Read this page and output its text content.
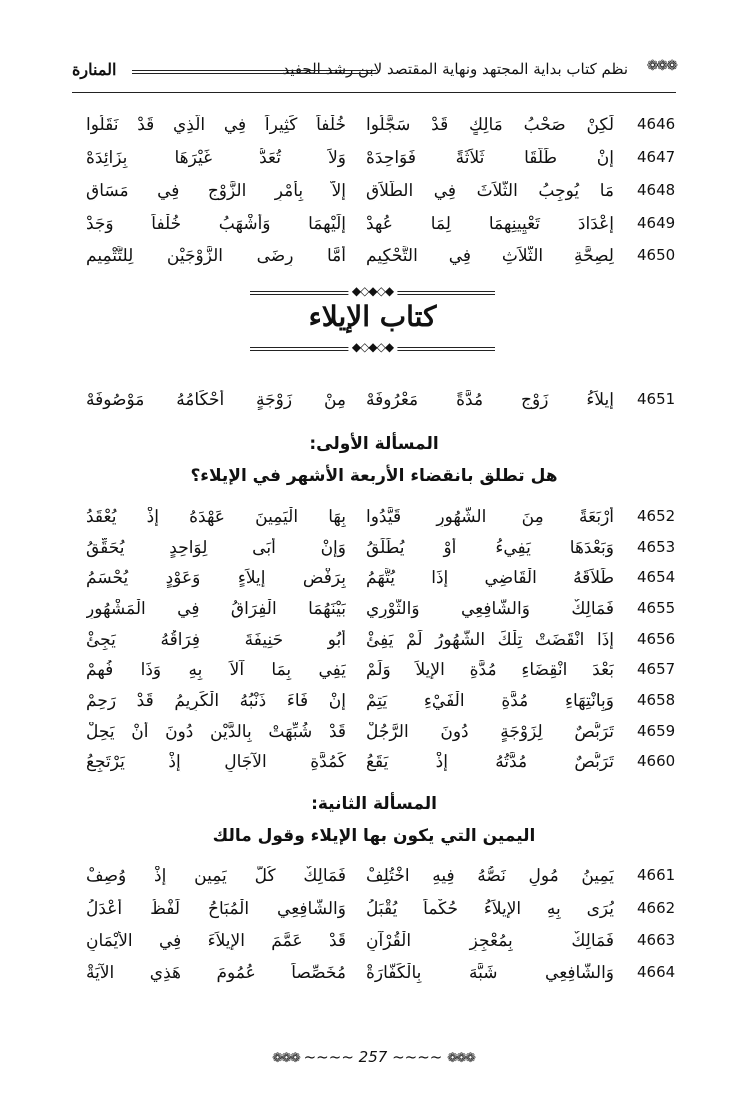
❁❁❁
نظم كتاب بداية المجتهد ونهاية المقتصد لابن رشد الحفيد
المنارة
4646
لَكِنْ صَحْبُ مَالِكٍ قَدْ سَجَّلُوا
خُلْفاً كَثِيراً فِي الَّذِي قَدْ نَقَلُوا
4647
إِنْ طَلَّقَا ثَلاَثَةً فَوَاحِدَهْ
وَلاَ تُعَدُّ غَيْرَهَا بِزَائِدَهْ
4648
مَا يُوجِبُ الثَّلاَثَ فِي الطَّلاَقِ
إِلاَّ بِأَمْرِ الزَّوْجِ فِي مَسَاقِ
4649
إِعْدَادَ تَعْيِينِهِمَا لِمَا عُهِدْ
إِلَيْهِمَا وَأَشْهَبُ خُلْفاً وَجَدْ
4650
لِصِحَّةِ الثَّلاَثِ فِي التَّحْكِيمِ
أَمَّا رِضَى الزَّوْجَيْنِ لِلتَّتْمِيمِ
◆◇◆◇◆
كتاب الإيلاء
◆◇◆◇◆
4651
إِيلاَءُ زَوْجٍ مُدَّةً مَعْرُوفَهْ
مِنْ زَوْجَةٍ أَحْكَامُهُ مَوْصُوفَهْ
المسألة الأولى:
هل تطلق بانقضاء الأربعة الأشهر في الإيلاء؟
4652
أَرْبَعَةً مِنَ الشُّهُورِ قَيَّدُوا
بِهَا الْيَمِينَ عَهْدَهُ إِذْ يُعْقَدُ
4653
وَبَعْدَهَا يَفِيءُ أَوْ يُطَلِّقُ
وَإِنْ أَبَى لِوَاحِدٍ يُحَقِّقُ
4654
طَلاَقَهُ الْقَاضِي إِذَا يُتَّهَمُ
بِرَفْضِ إِيلاَءٍ وَعَوْدٍ يُحْسَمُ
4655
فَمَالِكٌ وَالشَّافِعِي وَالثَّوْرِي
بَيْنَهُمَا الْفِرَاقُ فِي الْمَشْهُورِ
4656
إِذَا انْقَضَتْ تِلْكَ الشُّهُورُ لَمْ يَفِئْ
أَبُو حَنِيفَةَ فِرَاقُهُ يَجِئْ
4657
بَعْدَ انْقِضَاءِ مُدَّةِ الإِيلاَ وَلَمْ
يَفِي بِمَا آلاَ بِهِ وَذَا فُهِمْ
4658
وَبِانْتِهَاءِ مُدَّةِ الْفَيْءِ يَتِمْ
إِنْ فَاءَ ذَنْبُهُ الْكَرِيمُ قَدْ رَحِمْ
4659
تَرَبُّصٌ لِزَوْجَةٍ دُونَ الرَّجُلْ
قَدْ شُبِّهَتْ بِالدَّيْنِ دُونَ أَنْ يَحِلْ
4660
تَرَبُّصٌ مُدَّتُهُ إِذْ يَقَعُ
كَمُدَّةِ الآجَالِ إِذْ يَرْتَجِعُ
المسألة الثانية:
اليمين التي يكون بها الإيلاء وقول مالك
4661
يَمِينُ مُولٍ نَصُّهُ فِيهِ اخْتُلِفْ
فَمَالِكٌ كُلُّ يَمِينٍ إِذْ وُصِفْ
4662
يُرَى بِهِ الإِيلاَءُ حُكْماً يُقْبَلُ
وَالشَّافِعِي الْمُبَاحُ لَفْظُ أَعْدَلُ
4663
فَمَالِكٌ بِمُعْجِزِ الْقُرْآنِ
قَدْ عَمَّمَ الإِيلاَءَ فِي الأَيْمَانِ
4664
وَالشَّافِعِي شَبَّهَ بِالْكَفَّارَةْ
مُخَصِّصاً عُمُومَ هَذِي الآيَةْ
❁❁❁ ~~~~ 257 ~~~~ ❁❁❁
